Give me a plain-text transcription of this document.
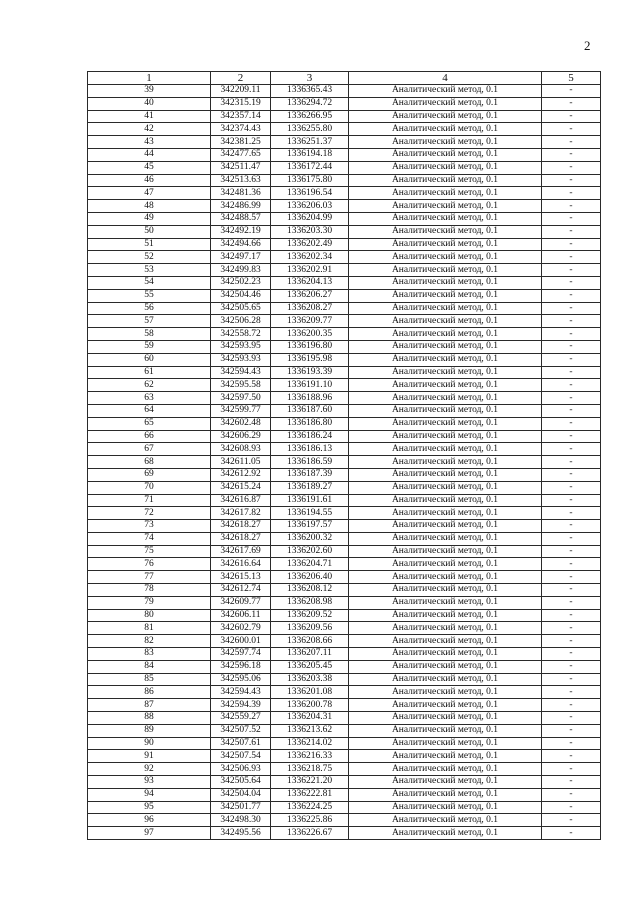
2
1	2	3	4	5
39	342209.11	1336365.43	Аналитический метод, 0.1	-
40	342315.19	1336294.72	Аналитический метод, 0.1	-
41	342357.14	1336266.95	Аналитический метод, 0.1	-
42	342374.43	1336255.80	Аналитический метод, 0.1	-
43	342381.25	1336251.37	Аналитический метод, 0.1	-
44	342477.65	1336194.18	Аналитический метод, 0.1	-
45	342511.47	1336172.44	Аналитический метод, 0.1	-
46	342513.63	1336175.80	Аналитический метод, 0.1	-
47	342481.36	1336196.54	Аналитический метод, 0.1	-
48	342486.99	1336206.03	Аналитический метод, 0.1	-
49	342488.57	1336204.99	Аналитический метод, 0.1	-
50	342492.19	1336203.30	Аналитический метод, 0.1	-
51	342494.66	1336202.49	Аналитический метод, 0.1	-
52	342497.17	1336202.34	Аналитический метод, 0.1	-
53	342499.83	1336202.91	Аналитический метод, 0.1	-
54	342502.23	1336204.13	Аналитический метод, 0.1	-
55	342504.46	1336206.27	Аналитический метод, 0.1	-
56	342505.65	1336208.27	Аналитический метод, 0.1	-
57	342506.28	1336209.77	Аналитический метод, 0.1	-
58	342558.72	1336200.35	Аналитический метод, 0.1	-
59	342593.95	1336196.80	Аналитический метод, 0.1	-
60	342593.93	1336195.98	Аналитический метод, 0.1	-
61	342594.43	1336193.39	Аналитический метод, 0.1	-
62	342595.58	1336191.10	Аналитический метод, 0.1	-
63	342597.50	1336188.96	Аналитический метод, 0.1	-
64	342599.77	1336187.60	Аналитический метод, 0.1	-
65	342602.48	1336186.80	Аналитический метод, 0.1	-
66	342606.29	1336186.24	Аналитический метод, 0.1	-
67	342608.93	1336186.13	Аналитический метод, 0.1	-
68	342611.05	1336186.59	Аналитический метод, 0.1	-
69	342612.92	1336187.39	Аналитический метод, 0.1	-
70	342615.24	1336189.27	Аналитический метод, 0.1	-
71	342616.87	1336191.61	Аналитический метод, 0.1	-
72	342617.82	1336194.55	Аналитический метод, 0.1	-
73	342618.27	1336197.57	Аналитический метод, 0.1	-
74	342618.27	1336200.32	Аналитический метод, 0.1	-
75	342617.69	1336202.60	Аналитический метод, 0.1	-
76	342616.64	1336204.71	Аналитический метод, 0.1	-
77	342615.13	1336206.40	Аналитический метод, 0.1	-
78	342612.74	1336208.12	Аналитический метод, 0.1	-
79	342609.77	1336208.98	Аналитический метод, 0.1	-
80	342606.11	1336209.52	Аналитический метод, 0.1	-
81	342602.79	1336209.56	Аналитический метод, 0.1	-
82	342600.01	1336208.66	Аналитический метод, 0.1	-
83	342597.74	1336207.11	Аналитический метод, 0.1	-
84	342596.18	1336205.45	Аналитический метод, 0.1	-
85	342595.06	1336203.38	Аналитический метод, 0.1	-
86	342594.43	1336201.08	Аналитический метод, 0.1	-
87	342594.39	1336200.78	Аналитический метод, 0.1	-
88	342559.27	1336204.31	Аналитический метод, 0.1	-
89	342507.52	1336213.62	Аналитический метод, 0.1	-
90	342507.61	1336214.02	Аналитический метод, 0.1	-
91	342507.54	1336216.33	Аналитический метод, 0.1	-
92	342506.93	1336218.75	Аналитический метод, 0.1	-
93	342505.64	1336221.20	Аналитический метод, 0.1	-
94	342504.04	1336222.81	Аналитический метод, 0.1	-
95	342501.77	1336224.25	Аналитический метод, 0.1	-
96	342498.30	1336225.86	Аналитический метод, 0.1	-
97	342495.56	1336226.67	Аналитический метод, 0.1	-
